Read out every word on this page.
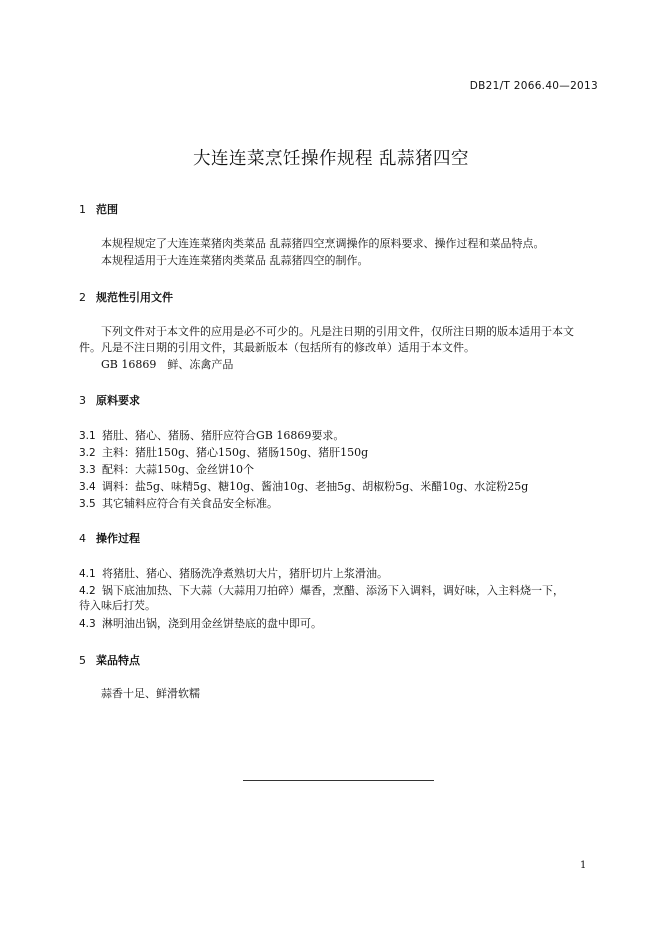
DB21/T 2066.40—2013
大连连菜烹饪操作规程 乱蒜猪四空
1 范围
本规程规定了大连连菜猪肉类菜品 乱蒜猪四空烹调操作的原料要求、操作过程和菜品特点。
本规程适用于大连连菜猪肉类菜品 乱蒜猪四空的制作。
2 规范性引用文件
下列文件对于本文件的应用是必不可少的。凡是注日期的引用文件，仅所注日期的版本适用于本文
件。凡是不注日期的引用文件，其最新版本（包括所有的修改单）适用于本文件。
GB 16869　鲜、冻禽产品
3 原料要求
3.1 猪肚、猪心、猪肠、猪肝应符合GB 16869要求。
3.2 主料：猪肚150g、猪心150g、猪肠150g、猪肝150g
3.3 配料：大蒜150g、金丝饼10个
3.4 调料：盐5g、味精5g、糖10g、酱油10g、老抽5g、胡椒粉5g、米醋10g、水淀粉25g
3.5 其它辅料应符合有关食品安全标准。
4 操作过程
4.1 将猪肚、猪心、猪肠洗净煮熟切大片，猪肝切片上浆滑油。
4.2 锅下底油加热、下大蒜（大蒜用刀拍碎）爆香，烹醋、添汤下入调料，调好味，入主料烧一下，
待入味后打芡。
4.3 淋明油出锅，浇到用金丝饼垫底的盘中即可。
5 菜品特点
蒜香十足、鲜滑软糯
1
